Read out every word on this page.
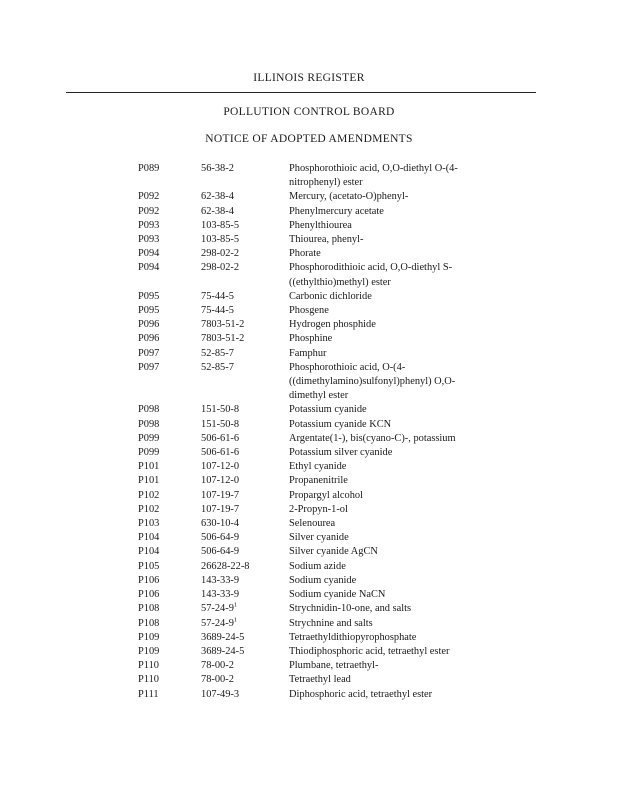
ILLINOIS REGISTER
POLLUTION CONTROL BOARD
NOTICE OF ADOPTED AMENDMENTS
P089	56-38-2	Phosphorothioic acid, O,O-diethyl O-(4-nitrophenyl) ester
P092	62-38-4	Mercury, (acetato-O)phenyl-
P092	62-38-4	Phenylmercury acetate
P093	103-85-5	Phenylthiourea
P093	103-85-5	Thiourea, phenyl-
P094	298-02-2	Phorate
P094	298-02-2	Phosphorodithioic acid, O,O-diethyl S-((ethylthio)methyl) ester
P095	75-44-5	Carbonic dichloride
P095	75-44-5	Phosgene
P096	7803-51-2	Hydrogen phosphide
P096	7803-51-2	Phosphine
P097	52-85-7	Famphur
P097	52-85-7	Phosphorothioic acid, O-(4-((dimethylamino)sulfonyl)phenyl) O,O-dimethyl ester
P098	151-50-8	Potassium cyanide
P098	151-50-8	Potassium cyanide KCN
P099	506-61-6	Argentate(1-), bis(cyano-C)-, potassium
P099	506-61-6	Potassium silver cyanide
P101	107-12-0	Ethyl cyanide
P101	107-12-0	Propanenitrile
P102	107-19-7	Propargyl alcohol
P102	107-19-7	2-Propyn-1-ol
P103	630-10-4	Selenourea
P104	506-64-9	Silver cyanide
P104	506-64-9	Silver cyanide AgCN
P105	26628-22-8	Sodium azide
P106	143-33-9	Sodium cyanide
P106	143-33-9	Sodium cyanide NaCN
P108	$57-24-9^1$	Strychnidin-10-one, and salts
P108	$57-24-9^1$	Strychnine and salts
P109	3689-24-5	Tetraethyldithiopyrophosphate
P109	3689-24-5	Thiodiphosphoric acid, tetraethyl ester
P110	78-00-2	Plumbane, tetraethyl-
P110	78-00-2	Tetraethyl lead
P111	107-49-3	Diphosphoric acid, tetraethyl ester
